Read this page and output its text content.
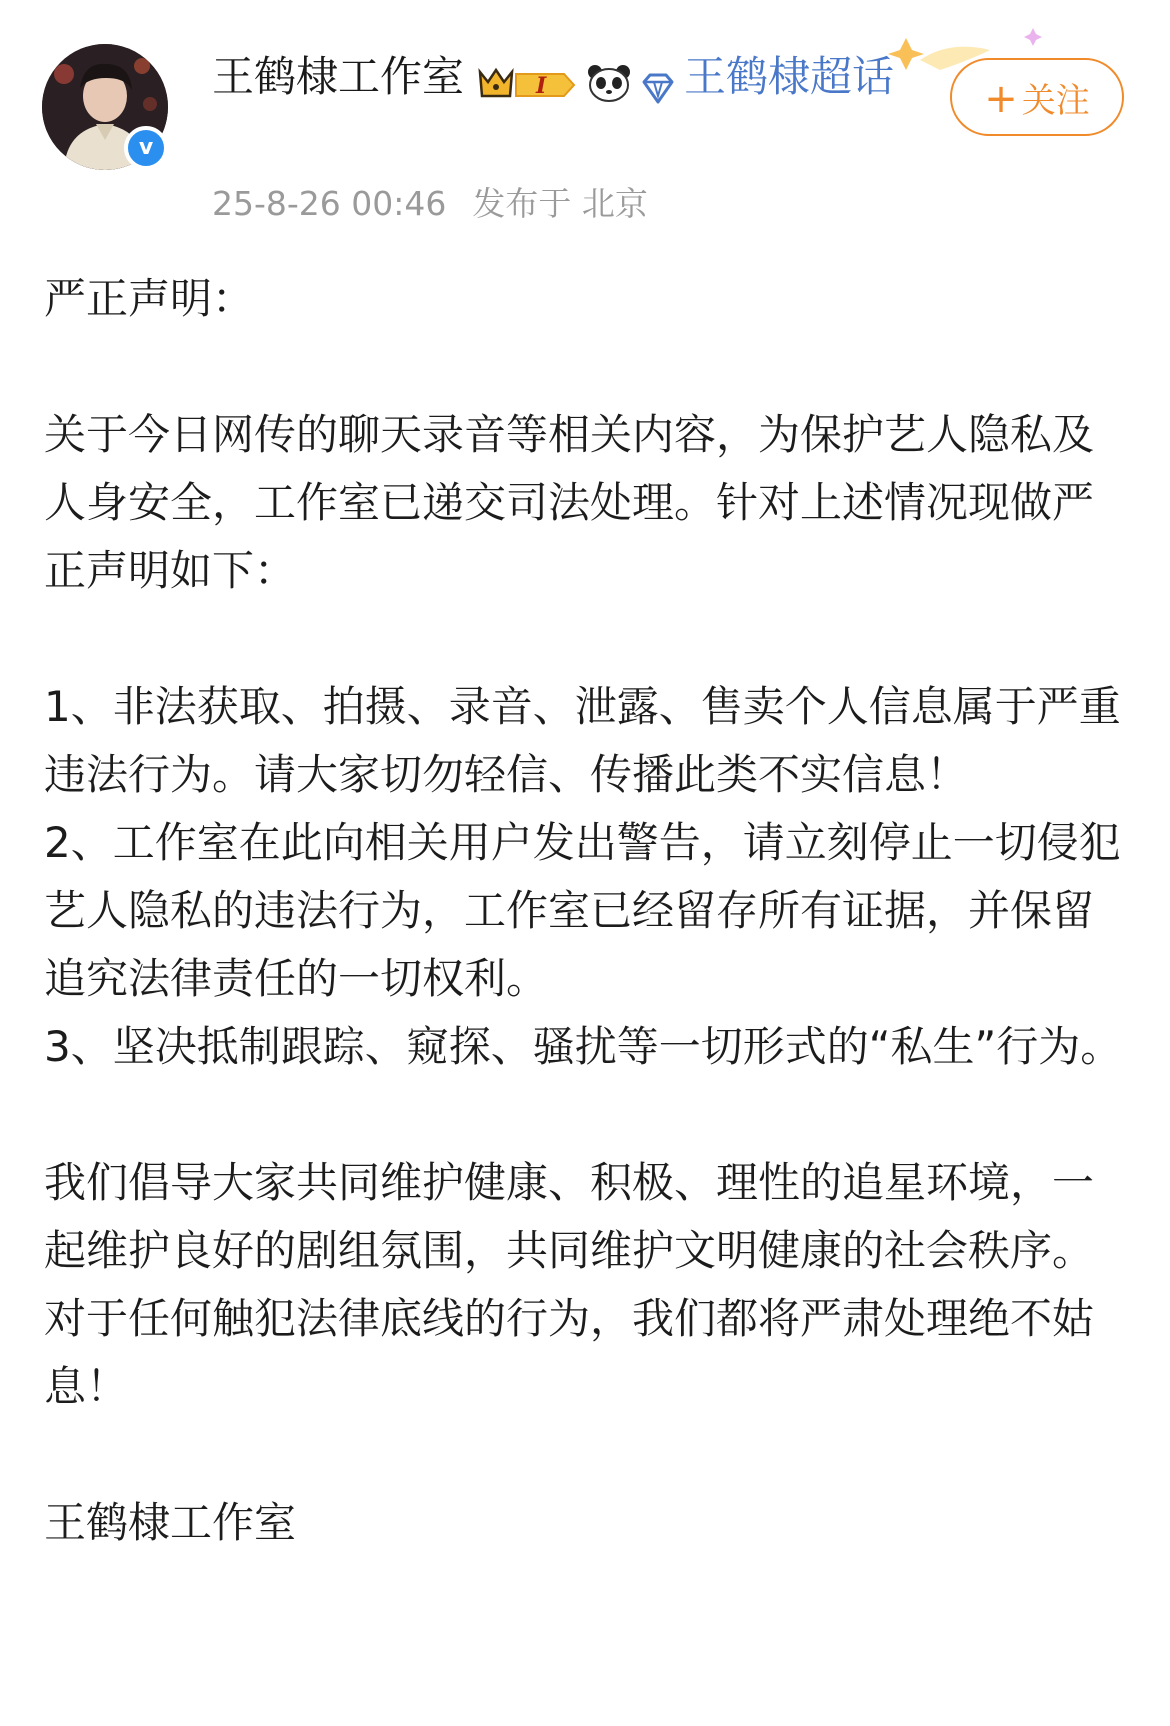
v
王鹤棣工作室	I	王鹤棣超话	+ 关注
25-8-26 00:46 发布于 北京

严正声明：

关于今日网传的聊天录音等相关内容，为保护艺人隐私及人身安全，工作室已递交司法处理。针对上述情况现做严正声明如下：

1、非法获取、拍摄、录音、泄露、售卖个人信息属于严重违法行为。请大家切勿轻信、传播此类不实信息！

2、工作室在此向相关用户发出警告，请立刻停止一切侵犯艺人隐私的违法行为，工作室已经留存所有证据，并保留追究法律责任的一切权利。

3、坚决抵制跟踪、窥探、骚扰等一切形式的“私生”行为。

我们倡导大家共同维护健康、积极、理性的追星环境，一起维护良好的剧组氛围，共同维护文明健康的社会秩序。对于任何触犯法律底线的行为，我们都将严肃处理绝不姑息！

王鹤棣工作室
